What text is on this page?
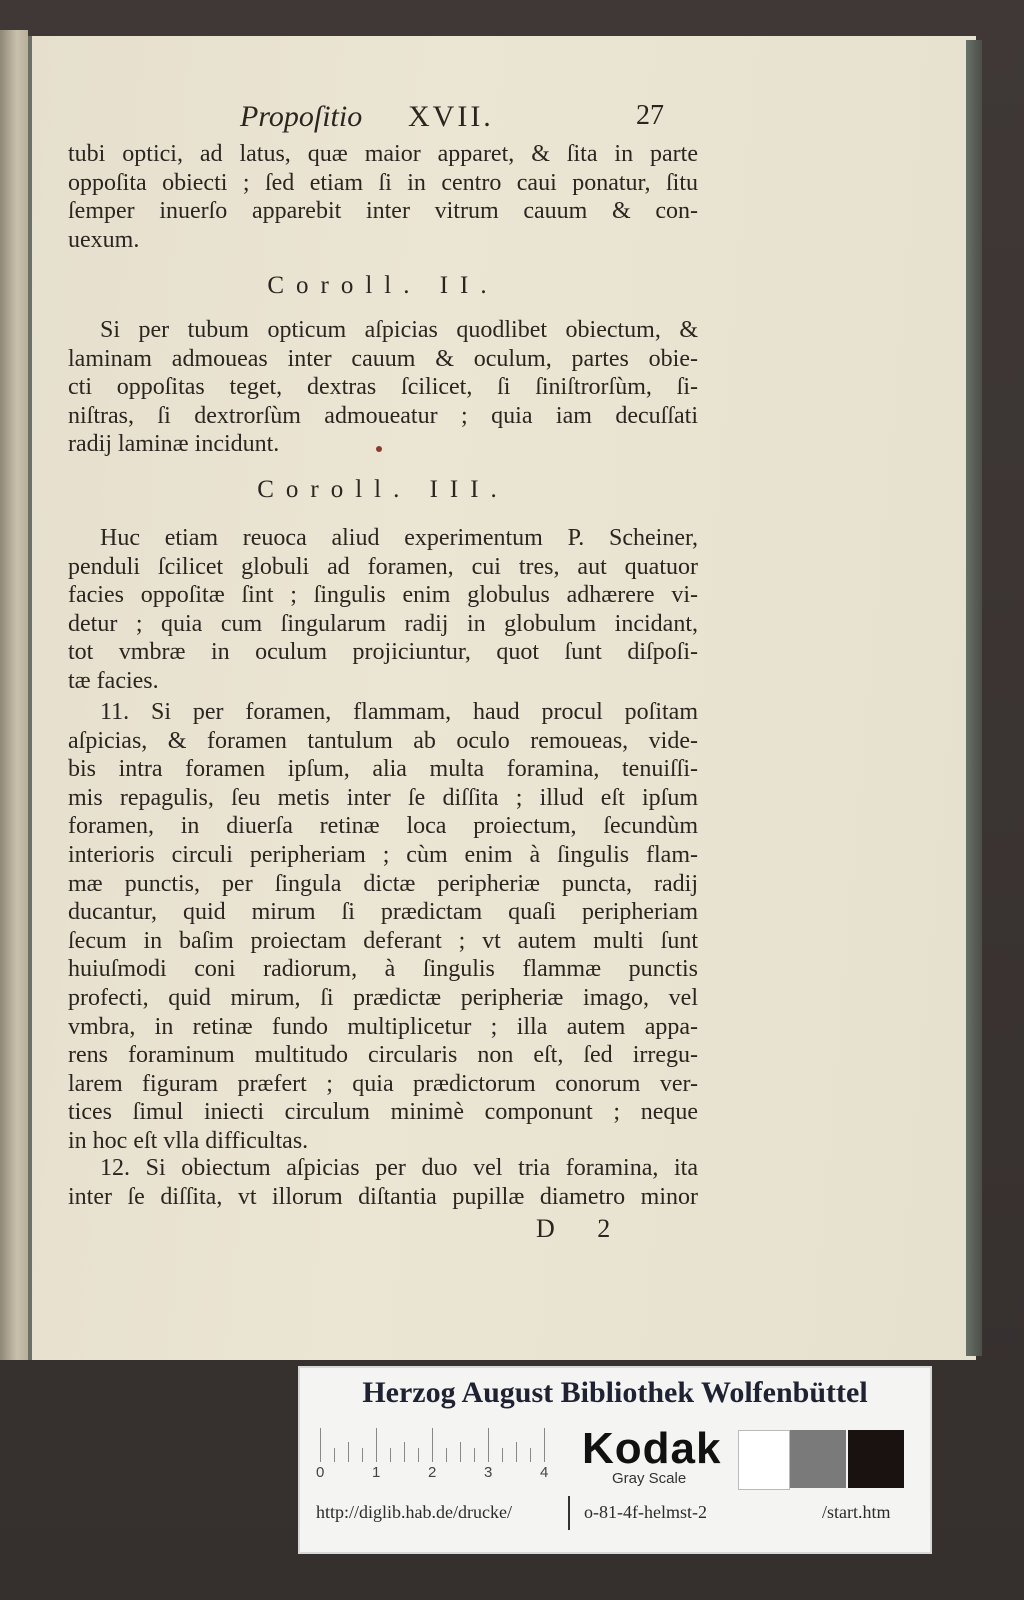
Propoſitio XVII.	27
tubi optici, ad latus, quæ maior apparet, & ſita in parte
oppoſita obiecti ; ſed etiam ſi in centro caui ponatur, ſitu
ſemper inuerſo apparebit inter vitrum cauum & con-
uexum.
Coroll. II.
Si per tubum opticum aſpicias quodlibet obiectum, &
laminam admoueas inter cauum & oculum, partes obie-
cti oppoſitas teget, dextras ſcilicet, ſi ſiniſtrorſùm, ſi-
niſtras, ſi dextrorſùm admoueatur ; quia iam decuſſati
radij laminæ incidunt.
Coroll. III.
Huc etiam reuoca aliud experimentum P. Scheiner,
penduli ſcilicet globuli ad foramen, cui tres, aut quatuor
facies oppoſitæ ſint ; ſingulis enim globulus adhærere vi-
detur ; quia cum ſingularum radij in globulum incidant,
tot vmbræ in oculum projiciuntur, quot ſunt diſpoſi-
tæ facies.
11. Si per foramen, flammam, haud procul poſitam
aſpicias, & foramen tantulum ab oculo remoueas, vide-
bis intra foramen ipſum, alia multa foramina, tenuiſſi-
mis repagulis, ſeu metis inter ſe diſſita ; illud eſt ipſum
foramen, in diuerſa retinæ loca proiectum, ſecundùm
interioris circuli peripheriam ; cùm enim à ſingulis flam-
mæ punctis, per ſingula dictæ peripheriæ puncta, radij
ducantur, quid mirum ſi prædictam quaſi peripheriam
ſecum in baſim proiectam deferant ; vt autem multi ſunt
huiuſmodi coni radiorum, à ſingulis flammæ punctis
profecti, quid mirum, ſi prædictæ peripheriæ imago, vel
vmbra, in retinæ fundo multiplicetur ; illa autem appa-
rens foraminum multitudo circularis non eſt, ſed irregu-
larem figuram præfert ; quia prædictorum conorum ver-
tices ſimul iniecti circulum minimè componunt ; neque
in hoc eſt vlla difficultas.
12. Si obiectum aſpicias per duo vel tria foramina, ita
inter ſe diſſita, vt illorum diſtantia pupillæ diametro minor
D 2
Herzog August Bibliothek Wolfenbüttel
0	1	2	3	4 Kodak
Gray Scale
http://diglib.hab.de/drucke/	o-81-4f-helmst-2	/start.htm
